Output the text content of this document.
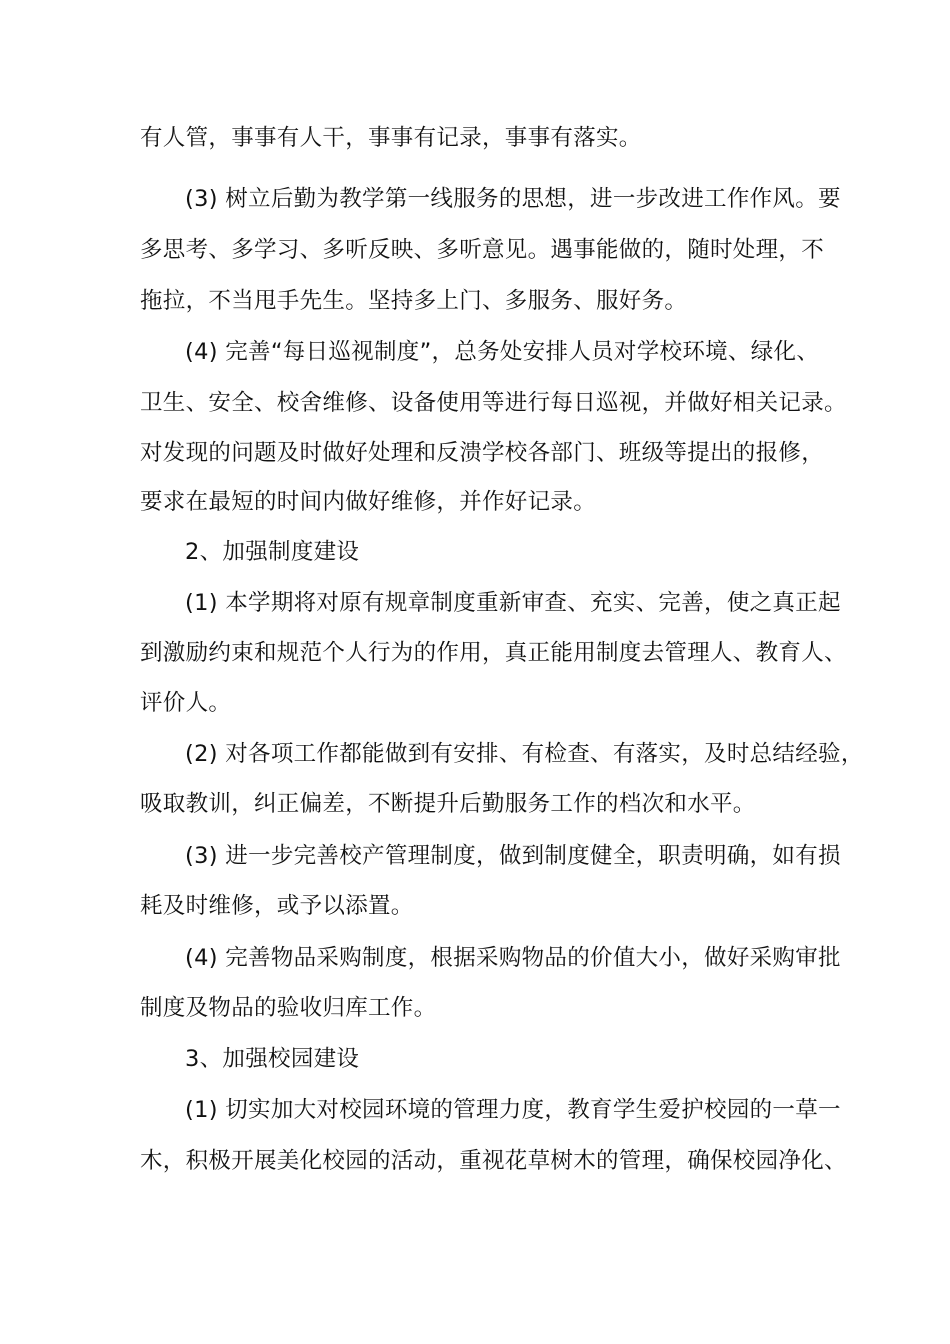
有人管，事事有人干，事事有记录，事事有落实。
(3) 树立后勤为教学第一线服务的思想，进一步改进工作作风。要
多思考、多学习、多听反映、多听意见。遇事能做的，随时处理，不
拖拉，不当甩手先生。坚持多上门、多服务、服好务。
(4) 完善“每日巡视制度”，总务处安排人员对学校环境、绿化、
卫生、安全、校舍维修、设备使用等进行每日巡视，并做好相关记录。
对发现的问题及时做好处理和反溃学校各部门、班级等提出的报修，
要求在最短的时间内做好维修，并作好记录。
2、加强制度建设
(1) 本学期将对原有规章制度重新审查、充实、完善，使之真正起
到激励约束和规范个人行为的作用，真正能用制度去管理人、教育人、
评价人。
(2) 对各项工作都能做到有安排、有检查、有落实，及时总结经验，
吸取教训，纠正偏差，不断提升后勤服务工作的档次和水平。
(3) 进一步完善校产管理制度，做到制度健全，职责明确，如有损
耗及时维修，或予以添置。
(4) 完善物品采购制度，根据采购物品的价值大小，做好采购审批
制度及物品的验收归库工作。
3、加强校园建设
(1) 切实加大对校园环境的管理力度，教育学生爱护校园的一草一
木，积极开展美化校园的活动，重视花草树木的管理，确保校园净化、
